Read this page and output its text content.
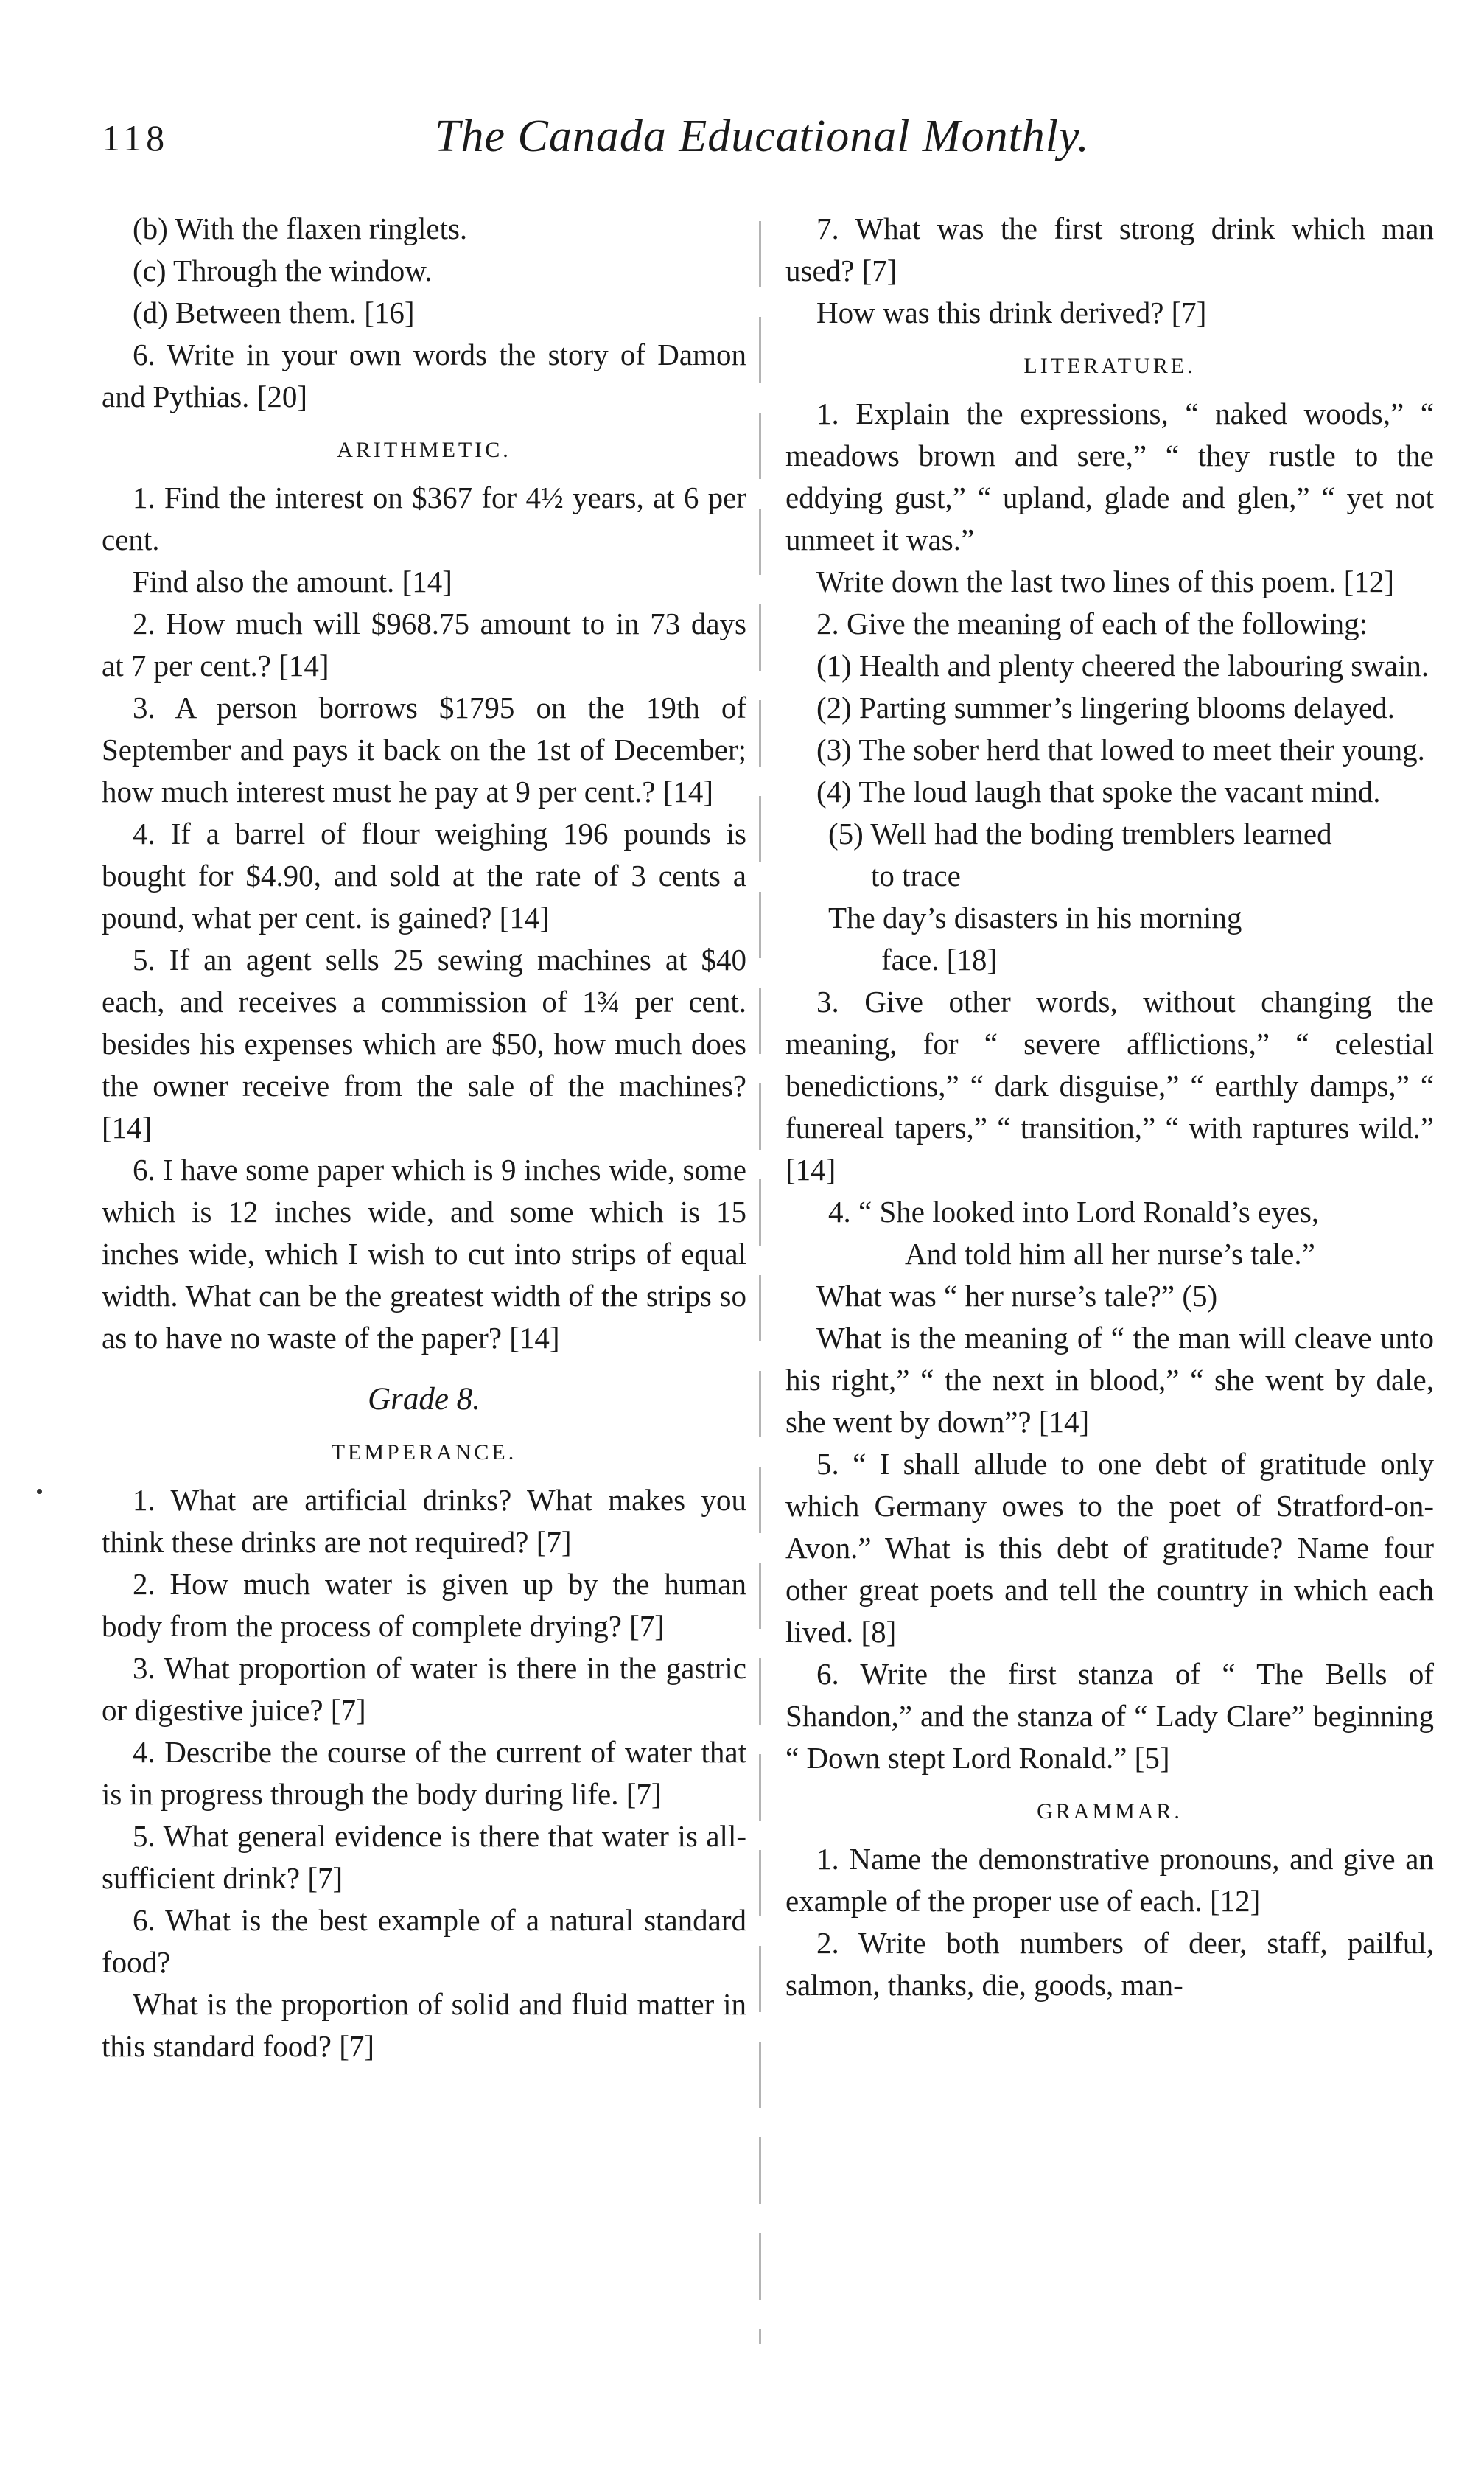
118	The Canada Educational Monthly.

(b) With the flaxen ringlets.

(c) Through the window.

(d) Between them. [16]

6. Write in your own words the story of Damon and Pythias. [20]

ARITHMETIC.

1. Find the interest on $367 for 4½ years, at 6 per cent.

Find also the amount. [14]

2. How much will $968.75 amount to in 73 days at 7 per cent.? [14]

3. A person borrows $1795 on the 19th of September and pays it back on the 1st of December; how much interest must he pay at 9 per cent.? [14]

4. If a barrel of flour weighing 196 pounds is bought for $4.90, and sold at the rate of 3 cents a pound, what per cent. is gained? [14]

5. If an agent sells 25 sewing machines at $40 each, and receives a commission of 1¾ per cent. besides his expenses which are $50, how much does the owner receive from the sale of the machines? [14]

6. I have some paper which is 9 inches wide, some which is 12 inches wide, and some which is 15 inches wide, which I wish to cut into strips of equal width. What can be the greatest width of the strips so as to have no waste of the paper? [14]

Grade 8.

TEMPERANCE.

1. What are artificial drinks? What makes you think these drinks are not required? [7]

2. How much water is given up by the human body from the process of complete drying? [7]

3. What proportion of water is there in the gastric or digestive juice? [7]

4. Describe the course of the current of water that is in progress through the body during life. [7]

5. What general evidence is there that water is all-sufficient drink? [7]

6. What is the best example of a natural standard food?

What is the proportion of solid and fluid matter in this standard food? [7]

7. What was the first strong drink which man used? [7]

How was this drink derived? [7]

LITERATURE.

1. Explain the expressions, “ naked woods,” “ meadows brown and sere,” “ they rustle to the eddying gust,” “ upland, glade and glen,” “ yet not unmeet it was.”

Write down the last two lines of this poem. [12]

2. Give the meaning of each of the following:

(1) Health and plenty cheered the labouring swain.

(2) Parting summer’s lingering blooms delayed.

(3) The sober herd that lowed to meet their young.

(4) The loud laugh that spoke the vacant mind.

(5) Well had the boding tremblers learned

to trace

The day’s disasters in his morning

face. [18]

3. Give other words, without changing the meaning, for “ severe afflictions,” “ celestial benedictions,” “ dark disguise,” “ earthly damps,” “ funereal tapers,” “ transition,” “ with raptures wild.” [14]

4. “ She looked into Lord Ronald’s eyes,

And told him all her nurse’s tale.”

What was “ her nurse’s tale?” (5)

What is the meaning of “ the man will cleave unto his right,” “ the next in blood,” “ she went by dale, she went by down”? [14]

5. “ I shall allude to one debt of gratitude only which Germany owes to the poet of Stratford-on-Avon.” What is this debt of gratitude? Name four other great poets and tell the country in which each lived. [8]

6. Write the first stanza of “ The Bells of Shandon,” and the stanza of “ Lady Clare” beginning “ Down stept Lord Ronald.” [5]

GRAMMAR.

1. Name the demonstrative pronouns, and give an example of the proper use of each. [12]

2. Write both numbers of deer, staff, pailful, salmon, thanks, die, goods, man-
